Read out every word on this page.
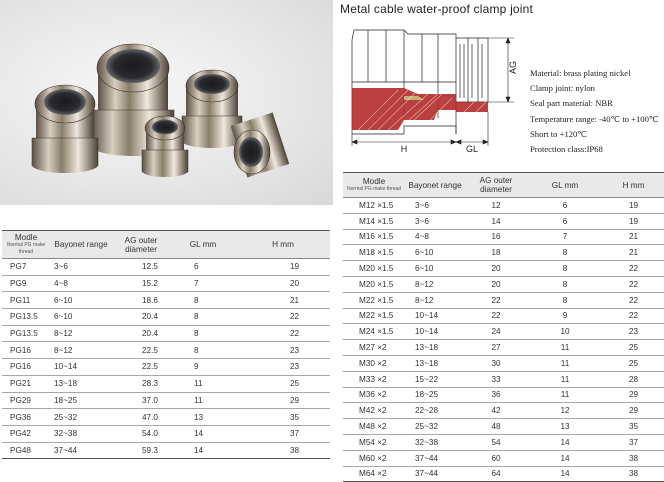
Metal cable water-proof clamp joint
AG
H	GL
Material: brass plating nickel
Clamp joint: nylon
Seal part material: NBR
Temperature range: -40℃ to +100℃
Short to +120℃
Protection class:IP68
Modle
Normal PG make thread	Bayonet range	AG outer diameter	GL mm	H mm
PG7	3~6	12.5	6	19
PG9	4~8	15.2	7	20
PG11	6~10	18.6	8	21
PG13.5	6~10	20.4	8	22
PG13.5	8~12	20.4	8	22
PG16	8~12	22.5	8	23
PG16	10~14	22.5	9	23
PG21	13~18	28.3	11	25
PG29	18~25	37.0	11	29
PG36	25~32	47.0	13	35
PG42	32~38	54.0	14	37
PG48	37~44	59.3	14	38
Modle
Normal PG make thread	Bayonet range	AG outer diameter	GL mm	H mm
M12 ×1.5	3~6	12	6	19
M14 ×1.5	3~6	14	6	19
M16 ×1.5	4~8	16	7	21
M18 ×1.5	6~10	18	8	21
M20 ×1.5	6~10	20	8	22
M20 ×1.5	8~12	20	8	22
M22 ×1.5	8~12	22	8	22
M22 ×1.5	10~14	22	9	22
M24 ×1.5	10~14	24	10	23
M27 ×2	13~18	27	11	25
M30 ×2	13~18	30	11	25
M33 ×2	15~22	33	11	28
M36 ×2	18~25	36	11	29
M42 ×2	22~28	42	12	29
M48 ×2	25~32	48	13	35
M54 ×2	32~38	54	14	37
M60 ×2	37~44	60	14	38
M64 ×2	37~44	64	14	38
